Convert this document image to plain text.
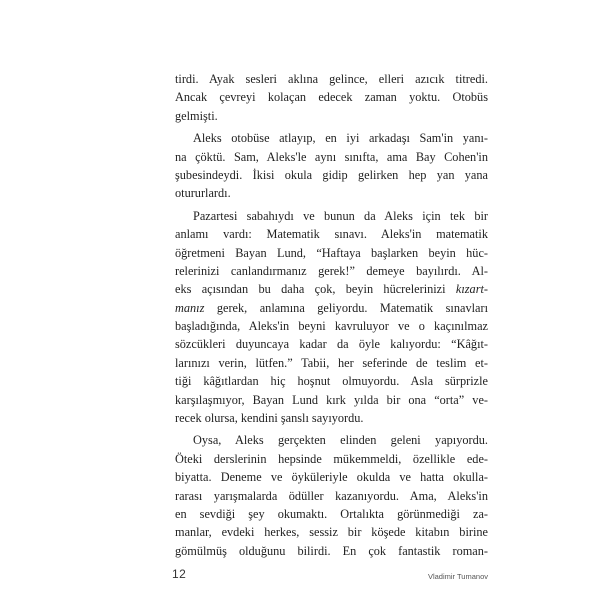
tirdi. Ayak sesleri aklına gelince, elleri azıcık titredi.
Ancak çevreyi kolaçan edecek zaman yoktu. Otobüs
gelmişti.
Aleks otobüse atlayıp, en iyi arkadaşı Sam'in yanı-
na çöktü. Sam, Aleks'le aynı sınıfta, ama Bay Cohen'in
şubesindeydi. İkisi okula gidip gelirken hep yan yana
otururlardı.
Pazartesi sabahıydı ve bunun da Aleks için tek bir
anlamı vardı: Matematik sınavı. Aleks'in matematik
öğretmeni Bayan Lund, “Haftaya başlarken beyin hüc-
relerinizi canlandırmanız gerek!” demeye bayılırdı. Al-
eks açısından bu daha çok, beyin hücrelerinizi kızart-
manız gerek, anlamına geliyordu. Matematik sınavları
başladığında, Aleks'in beyni kavruluyor ve o kaçınılmaz
sözcükleri duyuncaya kadar da öyle kalıyordu: “Kâğıt-
larınızı verin, lütfen.” Tabii, her seferinde de teslim et-
tiği kâğıtlardan hiç hoşnut olmuyordu. Asla sürprizle
karşılaşmıyor, Bayan Lund kırk yılda bir ona “orta” ve-
recek olursa, kendini şanslı sayıyordu.
Oysa, Aleks gerçekten elinden geleni yapıyordu.
Öteki derslerinin hepsinde mükemmeldi, özellikle ede-
biyatta. Deneme ve öyküleriyle okulda ve hatta okulla-
rarası yarışmalarda ödüller kazanıyordu. Ama, Aleks'in
en sevdiği şey okumaktı. Ortalıkta görünmediği za-
manlar, evdeki herkes, sessiz bir köşede kitabın birine
gömülmüş olduğunu bilirdi. En çok fantastik roman-
12	Vladimir Tumanov
